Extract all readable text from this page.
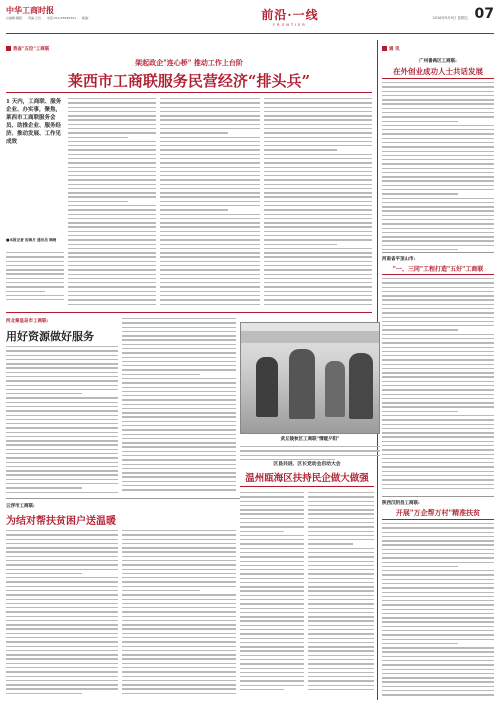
中华工商时报
总编辑:魏昭 责编:王四 电话:010-65930321 邮编:	前沿·一线
FRONTIER
2016年9月9日 星期五 07
我省"五位"工商联
架起政企"连心桥" 推动工作上台阶
莱西市工商联服务民营经济“排头兵”
1 天内，工商联、服务企业、办实事，聚焦，莱西市工商联服务会员、助推企业、服务经济、推动发展、工作见成效
■本报记者 倪海月 通讯员 韩晓
河北秦皇岛市工商联:
用好资源做好服务
武丘陵秋区工商联"情暖夕阳"
云浮市工商联:
为结对帮扶贫困户送温暖
区县共进、区长党动会启动大会
温州瓯海区扶持民企做大做强
通 讯
广州番禺区工商联:
在外创业成功人士共话发展
河南省平顶山市:
"一、三同"工程打造"五好"工商联
陕西汉阴县工商联:
开展"万企帮万村"精准扶贫
